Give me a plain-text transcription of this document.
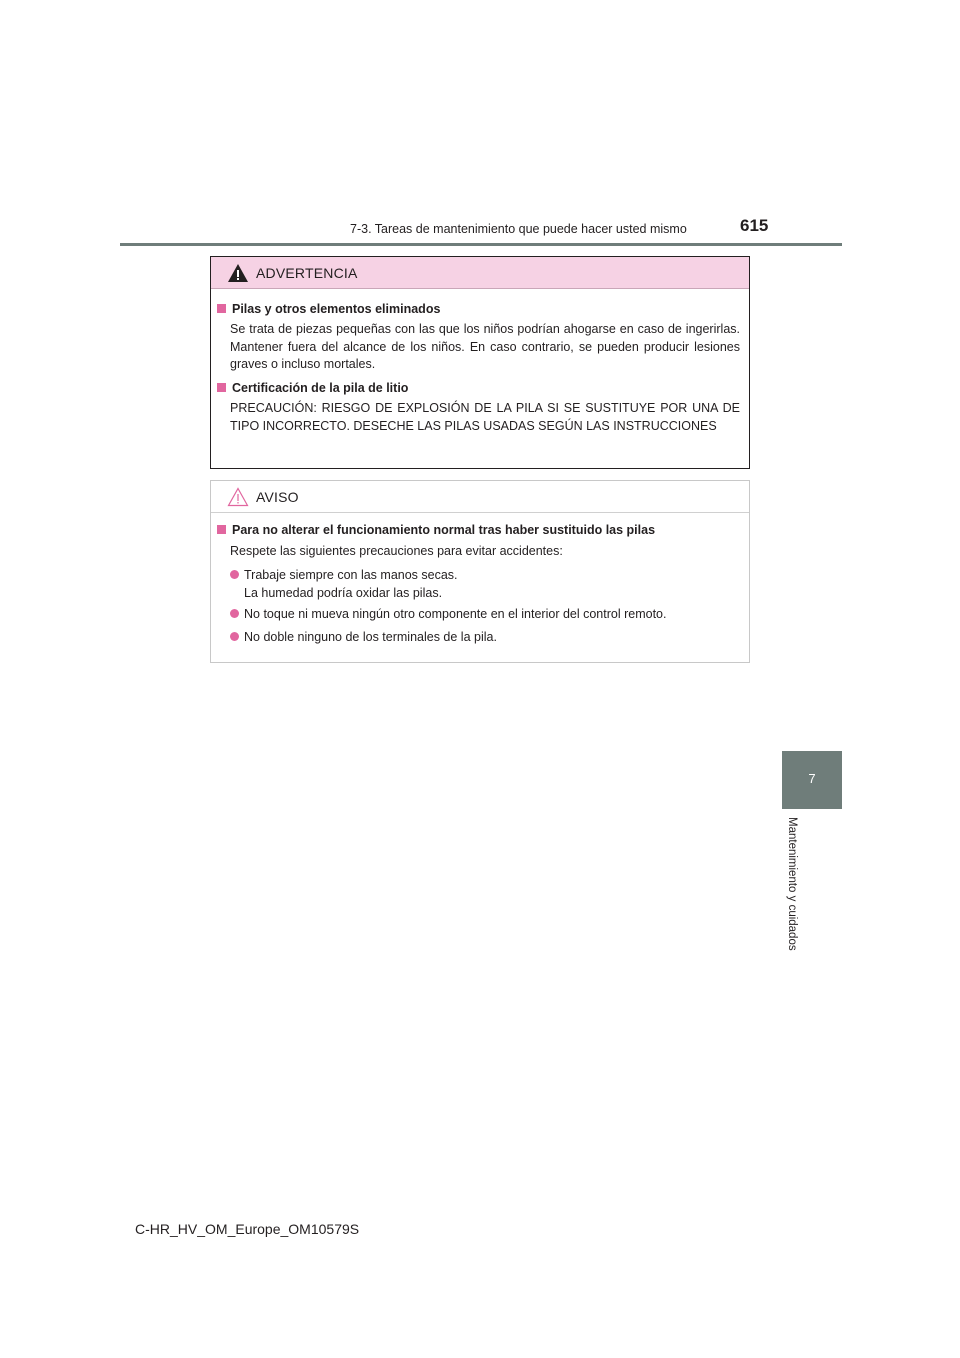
7-3. Tareas de mantenimiento que puede hacer usted mismo	615
7
Mantenimiento y cuidados
ADVERTENCIA
Pilas y otros elementos eliminados
Se trata de piezas pequeñas con las que los niños podrían ahogarse en caso de ingerirlas. Mantener fuera del alcance de los niños. En caso contrario, se pueden producir lesiones graves o incluso mortales.
Certificación de la pila de litio
PRECAUCIÓN: RIESGO DE EXPLOSIÓN DE LA PILA SI SE SUSTITUYE POR UNA DE TIPO INCORRECTO. DESECHE LAS PILAS USADAS SEGÚN LAS INSTRUCCIONES
AVISO
Para no alterar el funcionamiento normal tras haber sustituido las pilas
Respete las siguientes precauciones para evitar accidentes:
Trabaje siempre con las manos secas.
La humedad podría oxidar las pilas.
No toque ni mueva ningún otro componente en el interior del control remoto.
No doble ninguno de los terminales de la pila.
C-HR_HV_OM_Europe_OM10579S
